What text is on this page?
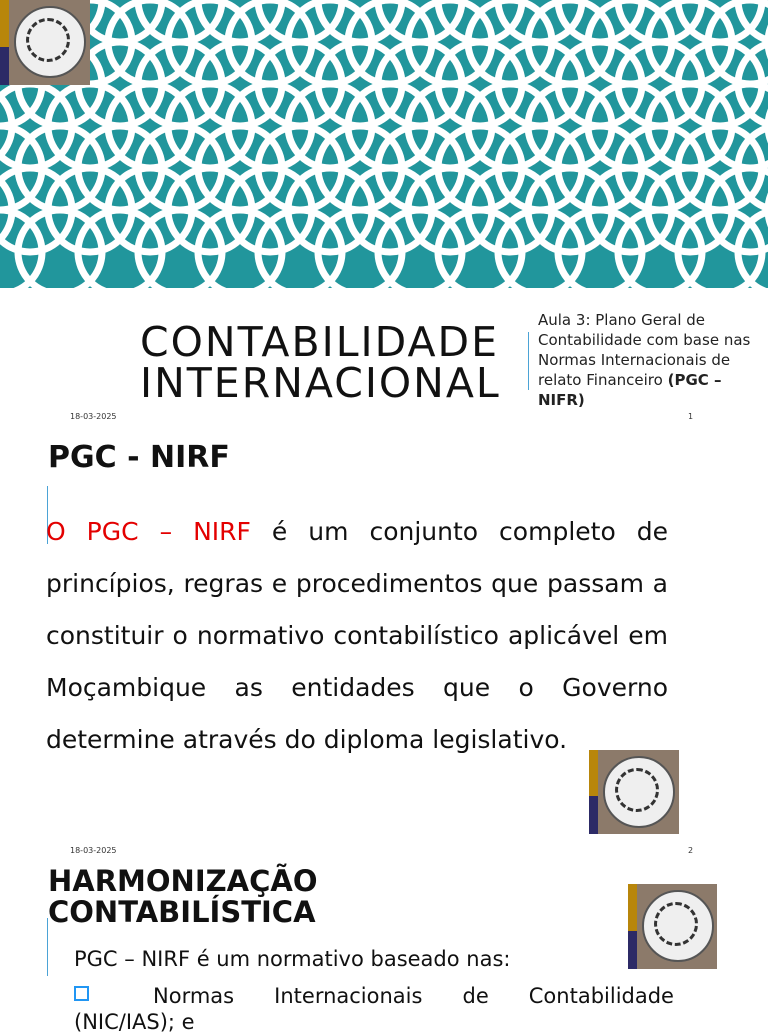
CONTABILIDADE
INTERNACIONAL
Aula 3: Plano Geral de Contabilidade com base nas Normas Internacionais de relato Financeiro (PGC – NIFR)
18-03-2025	1
PGC - NIRF
O PGC – NIRF é um conjunto completo de princípios, regras e procedimentos que passam a constituir o normativo contabilístico aplicável em Moçambique as entidades que o Governo determine através do diploma legislativo.
18-03-2025	2
HARMONIZAÇÃO
CONTABILÍSTICA
PGC – NIRF é um normativo baseado nas:
Normas Internacionais de Contabilidade
(NIC/IAS); e
